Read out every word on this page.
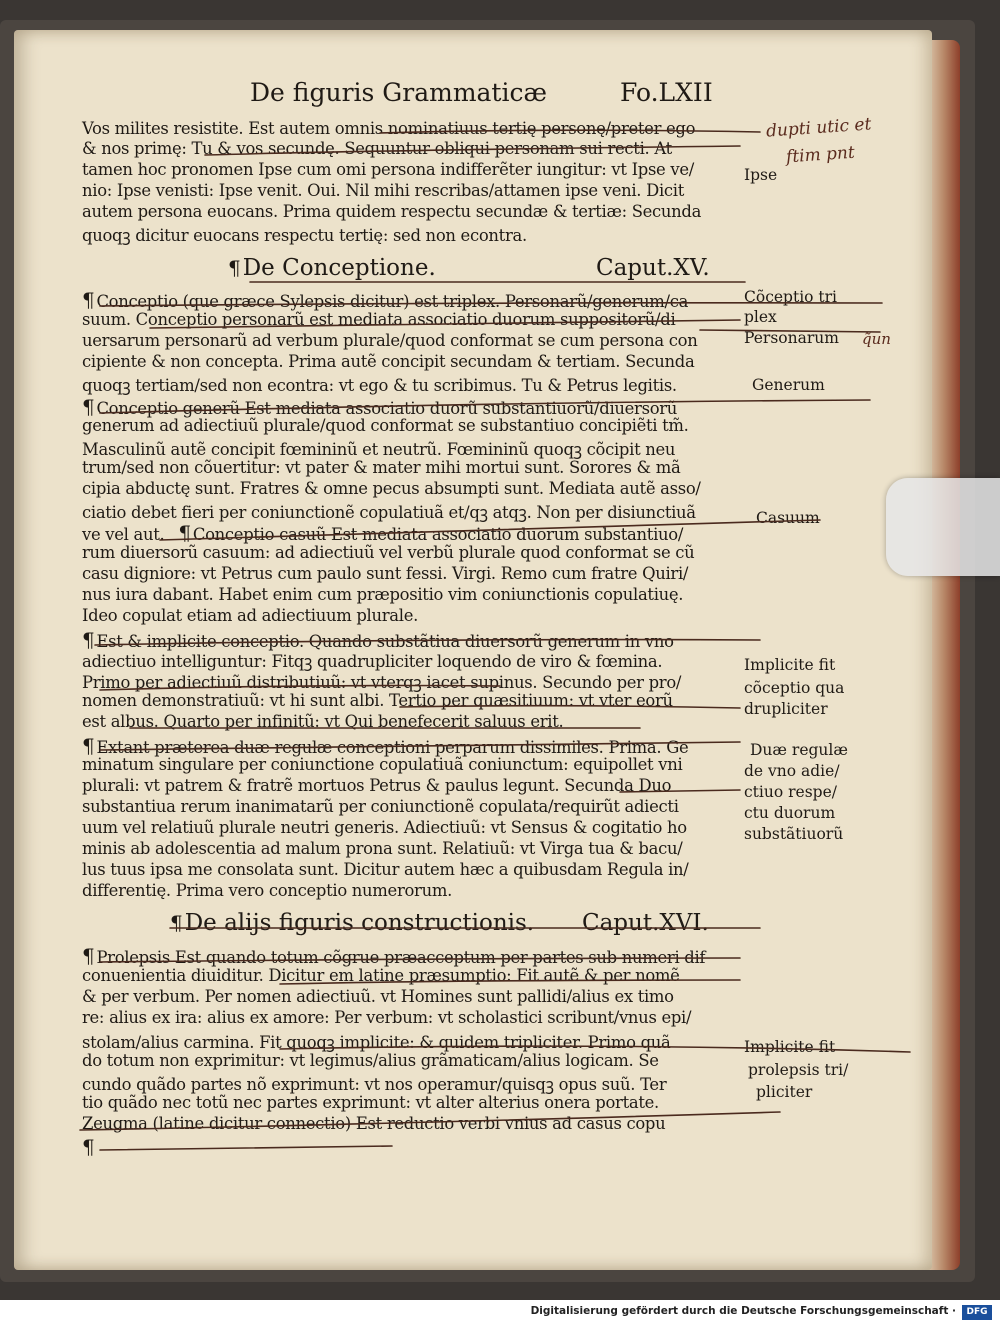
De figuris Grammaticæ	Fo.LXII
Vos milites resistite. Est autem omnis nominatiuus tertię personę/preter ego
& nos primę: Tu & vos secundę. Sequuntur obliqui personam sui recti. At
tamen hoc pronomen Ipse cum omi persona indifferẽter iungitur: vt Ipse ve/
nio: Ipse venisti: Ipse venit. Oui. Nil mihi rescribas/attamen ipse veni. Dicit
autem persona euocans. Prima quidem respectu secundæ & tertiæ: Secunda
quoqꝫ dicitur euocans respectu tertię: sed non econtra.
¶De Conceptione.	Caput.XV.
¶ Conceptio (que græce Sylepsis dicitur) est triplex. Personarũ/generum/ca
suum. Conceptio personarũ est mediata associatio duorum suppositorũ/di
uersarum personarũ ad verbum plurale/quod conformat se cum persona con
cipiente & non concepta. Prima autẽ concipit secundam & tertiam. Secunda
quoqꝫ tertiam/sed non econtra: vt ego & tu scribimus. Tu & Petrus legitis.
¶ Conceptio generũ Est mediata associatio duorũ substantiuorũ/diuersorũ
generum ad adiectiuũ plurale/quod conformat se substantiuo concipiẽti tm̃.
Masculinũ autẽ concipit fœmininũ et neutrũ. Fœmininũ quoqꝫ cõcipit neu
trum/sed non cõuertitur: vt pater & mater mihi mortui sunt. Sorores & mã
cipia abductę sunt. Fratres & omne pecus absumpti sunt. Mediata autẽ asso/
ciatio debet fieri per coniunctionẽ copulatiuã et/qꝫ atqꝫ. Non per disiunctiuã
ve vel aut. ¶ Conceptio casuũ Est mediata associatio duorum substantiuo/
rum diuersorũ casuum: ad adiectiuũ vel verbũ plurale quod conformat se cũ
casu digniore: vt Petrus cum paulo sunt fessi. Virgi. Remo cum fratre Quiri/
nus iura dabant. Habet enim cum præpositio vim coniunctionis copulatiuę.
Ideo copulat etiam ad adiectiuum plurale.
¶ Est & implicite conceptio. Quando substãtiua diuersorũ generum in vno
adiectiuo intelliguntur: Fitqꝫ quadrupliciter loquendo de viro & fœmina.
Primo per adiectiuũ distributiuũ: vt vterqꝫ iacet supinus. Secundo per pro/
nomen demonstratiuũ: vt hi sunt albi. Tertio per quæsitiuum: vt vter eorũ
est albus. Quarto per infinitũ: vt Qui benefecerit saluus erit.
¶ Extant præterea duæ regulæ conceptioni perparum dissimiles. Prima. Ge
minatum singulare per coniunctione copulatiuã coniunctum: equipollet vni
plurali: vt patrem & fratrẽ mortuos Petrus & paulus legunt. Secunda Duo
substantiua rerum inanimatarũ per coniunctionẽ copulata/requirũt adiecti
uum vel relatiuũ plurale neutri generis. Adiectiuũ: vt Sensus & cogitatio ho
minis ab adolescentia ad malum prona sunt. Relatiuũ: vt Virga tua & bacu/
lus tuus ipsa me consolata sunt. Dicitur autem hæc a quibusdam Regula in/
differentię. Prima vero conceptio numerorum.
¶De alijs figuris constructionis. Caput.XVI.
¶ Prolepsis Est quando totum cõgrue præacceptum per partes sub numeri dif
conuenientia diuiditur. Dicitur em latine præsumptio: Fit autẽ & per nomẽ
& per verbum. Per nomen adiectiuũ. vt Homines sunt pallidi/alius ex timo
re: alius ex ira: alius ex amore: Per verbum: vt scholastici scribunt/vnus epi/
stolam/alius carmina. Fit quoqꝫ implicite: & quidem tripliciter. Primo quã
do totum non exprimitur: vt legimus/alius grãmaticam/alius logicam. Se
cundo quãdo partes nõ exprimunt: vt nos operamur/quisqꝫ opus suũ. Ter
tio quãdo nec totũ nec partes exprimunt: vt alter alterius onera portate.
Zeugma (latine dicitur connectio) Est reductio verbi vnius ad casus copu
¶
Ipse
Cõceptio tri
plex
Personarum
Generum
Casuum
Implicite fit
cõceptio qua
drupliciter
Duæ regulæ
de vno adie/
ctiuo respe/
ctu duorum
substãtiuorũ
Implicite fit
prolepsis tri/
pliciter
dupti utic et
ftim pnt
q̃un
Digitalisierung gefördert durch die Deutsche Forschungsgemeinschaft ·	DFG
